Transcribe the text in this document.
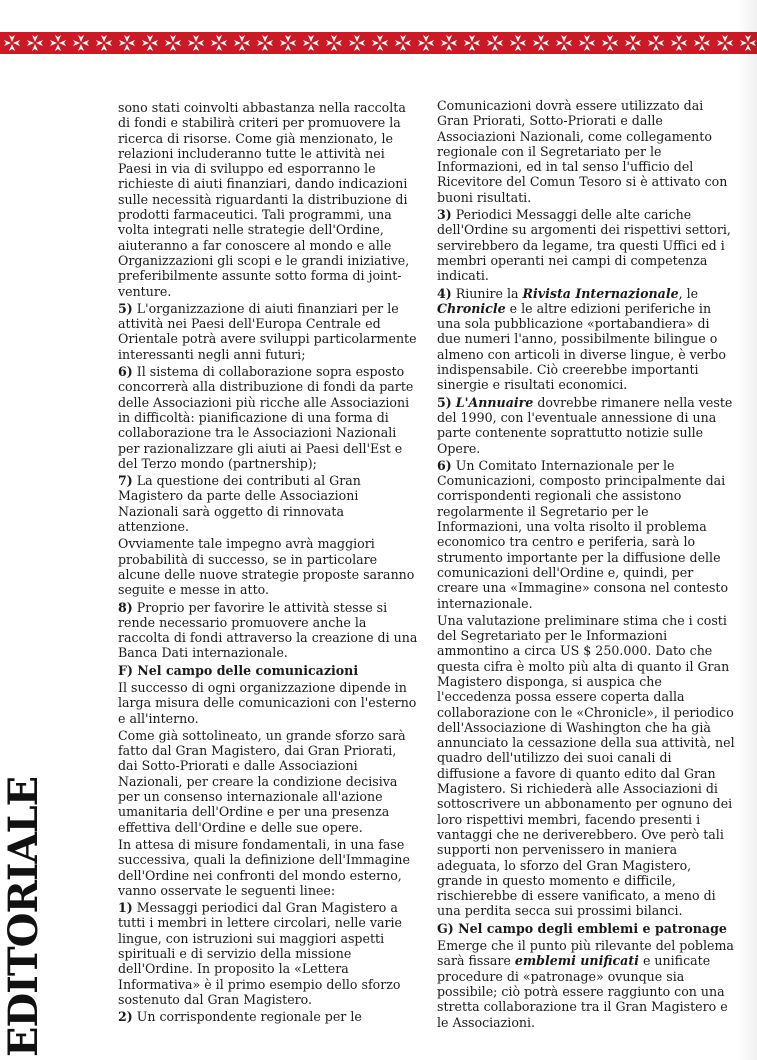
sono stati coinvolti abbastanza nella raccolta di fondi e stabilirà criteri per promuovere la ricerca di risorse. Come già menzionato, le relazioni includeranno tutte le attività nei Paesi in via di sviluppo ed esporranno le richieste di aiuti finanziari, dando indicazioni sulle necessità riguardanti la distribuzione di prodotti farmaceutici. Tali programmi, una volta integrati nelle strategie dell'Ordine, aiuteranno a far conoscere al mondo e alle Organizzazioni gli scopi e le grandi iniziative, preferibilmente assunte sotto forma di joint-venture.

5) L'organizzazione di aiuti finanziari per le attività nei Paesi dell'Europa Centrale ed Orientale potrà avere sviluppi particolarmente interessanti negli anni futuri;

6) Il sistema di collaborazione sopra esposto concorrerà alla distribuzione di fondi da parte delle Associazioni più ricche alle Associazioni in difficoltà: pianificazione di una forma di collaborazione tra le Associazioni Nazionali per razionalizzare gli aiuti ai Paesi dell'Est e del Terzo mondo (partnership);

7) La questione dei contributi al Gran Magistero da parte delle Associazioni Nazionali sarà oggetto di rinnovata attenzione.

Ovviamente tale impegno avrà maggiori probabilità di successo, se in particolare alcune delle nuove strategie proposte saranno seguite e messe in atto.

8) Proprio per favorire le attività stesse si rende necessario promuovere anche la raccolta di fondi attraverso la creazione di una Banca Dati internazionale.

F) Nel campo delle comunicazioni

Il successo di ogni organizzazione dipende in larga misura delle comunicazioni con l'esterno e all'interno.

Come già sottolineato, un grande sforzo sarà fatto dal Gran Magistero, dai Gran Priorati, dai Sotto-Priorati e dalle Associazioni Nazionali, per creare la condizione decisiva per un consenso internazionale all'azione umanitaria dell'Ordine e per una presenza effettiva dell'Ordine e delle sue opere.

In attesa di misure fondamentali, in una fase successiva, quali la definizione dell'Immagine dell'Ordine nei confronti del mondo esterno, vanno osservate le seguenti linee:

1) Messaggi periodici dal Gran Magistero a tutti i membri in lettere circolari, nelle varie lingue, con istruzioni sui maggiori aspetti spirituali e di servizio della missione dell'Ordine. In proposito la «Lettera Informativa» è il primo esempio dello sforzo sostenuto dal Gran Magistero.

2) Un corrispondente regionale per le

Comunicazioni dovrà essere utilizzato dai Gran Priorati, Sotto-Priorati e dalle Associazioni Nazionali, come collegamento regionale con il Segretariato per le Informazioni, ed in tal senso l'ufficio del Ricevitore del Comun Tesoro si è attivato con buoni risultati.

3) Periodici Messaggi delle alte cariche dell'Ordine su argomenti dei rispettivi settori, servirebbero da legame, tra questi Uffici ed i membri operanti nei campi di competenza indicati.

4) Riunire la Rivista Internazionale, le Chronicle e le altre edizioni periferiche in una sola pubblicazione «portabandiera» di due numeri l'anno, possibilmente bilingue o almeno con articoli in diverse lingue, è verbo indispensabile. Ciò creerebbe importanti sinergie e risultati economici.

5) L'Annuaire dovrebbe rimanere nella veste del 1990, con l'eventuale annessione di una parte contenente soprattutto notizie sulle Opere.

6) Un Comitato Internazionale per le Comunicazioni, composto principalmente dai corrispondenti regionali che assistono regolarmente il Segretario per le Informazioni, una volta risolto il problema economico tra centro e periferia, sarà lo strumento importante per la diffusione delle comunicazioni dell'Ordine e, quindi, per creare una «Immagine» consona nel contesto internazionale.

Una valutazione preliminare stima che i costi del Segretariato per le Informazioni ammontino a circa US $ 250.000. Dato che questa cifra è molto più alta di quanto il Gran Magistero disponga, si auspica che l'eccedenza possa essere coperta dalla collaborazione con le «Chronicle», il periodico dell'Associazione di Washington che ha già annunciato la cessazione della sua attività, nel quadro dell'utilizzo dei suoi canali di diffusione a favore di quanto edito dal Gran Magistero. Si richiederà alle Associazioni di sottoscrivere un abbonamento per ognuno dei loro rispettivi membri, facendo presenti i vantaggi che ne deriverebbero. Ove però tali supporti non pervenissero in maniera adeguata, lo sforzo del Gran Magistero, grande in questo momento e difficile, rischierebbe di essere vanificato, a meno di una perdita secca sui prossimi bilanci.

G) Nel campo degli emblemi e patronage

Emerge che il punto più rilevante del poblema sarà fissare emblemi unificati e unificate procedure di «patronage» ovunque sia possibile; ciò potrà essere raggiunto con una stretta collaborazione tra il Gran Magistero e le Associazioni.

EDITORIALE
